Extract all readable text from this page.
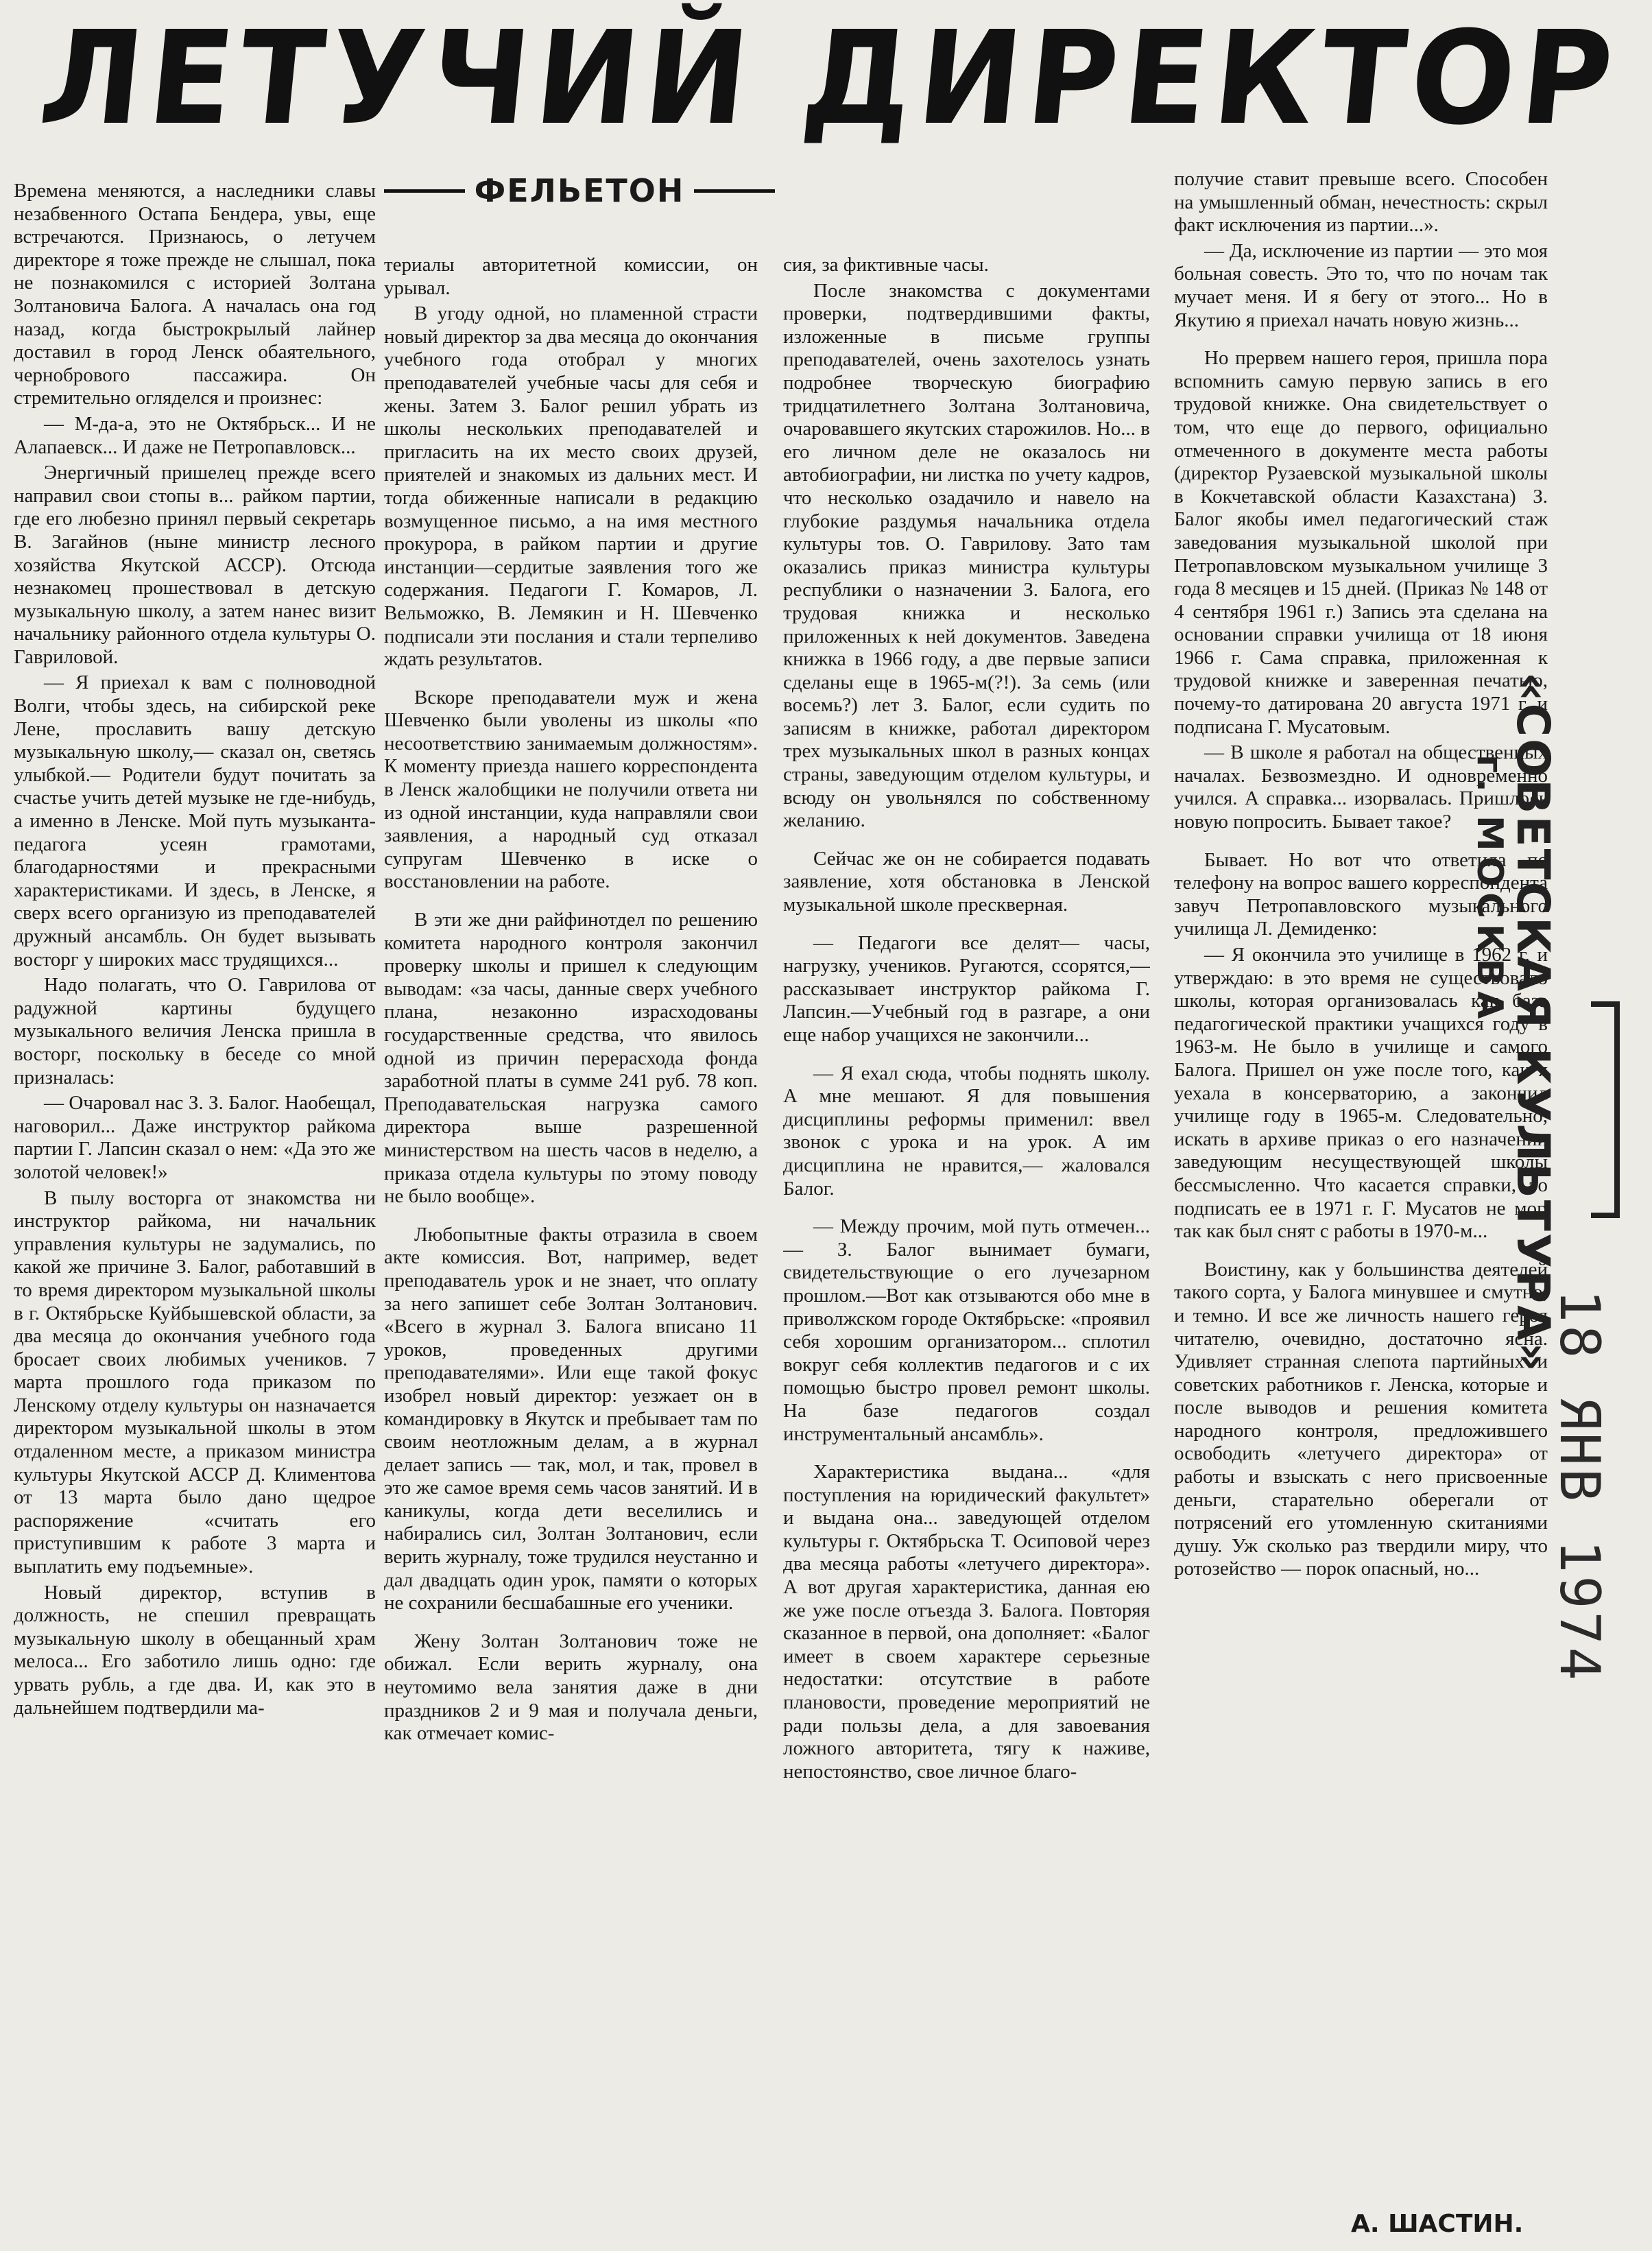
ЛЕТУЧИЙ ДИРЕКТОР
ФЕЛЬЕТОН

Времена меняются, а наследники славы незабвенного Остапа Бендера, увы, еще встречаются. Признаюсь, о летучем директоре я тоже прежде не слышал, пока не познакомился с историей Золтана Золтановича Балога. А началась она год назад, когда быстрокрылый лайнер доставил в город Ленск обаятельного, чернобрового пассажира. Он стремительно огляделся и произнес:

— М-да-а, это не Октябрьск... И не Алапаевск... И даже не Петропавловск...

Энергичный пришелец прежде всего направил свои стопы в... райком партии, где его любезно принял первый секретарь В. Загайнов (ныне министр лесного хозяйства Якутской АССР). Отсюда незнакомец прошествовал в детскую музыкальную школу, а затем нанес визит начальнику районного отдела культуры О. Гавриловой.

— Я приехал к вам с полноводной Волги, чтобы здесь, на сибирской реке Лене, прославить вашу детскую музыкальную школу,— сказал он, светясь улыбкой.— Родители будут почитать за счастье учить детей музыке не где-нибудь, а именно в Ленске. Мой путь музыканта-педагога усеян грамотами, благодарностями и прекрасными характеристиками. И здесь, в Ленске, я сверх всего организую из преподавателей дружный ансамбль. Он будет вызывать восторг у широких масс трудящихся...

Надо полагать, что О. Гаврилова от радужной картины будущего музыкального величия Ленска пришла в восторг, поскольку в беседе со мной призналась:

— Очаровал нас З. З. Балог. Наобещал, наговорил... Даже инструктор райкома партии Г. Лапсин сказал о нем: «Да это же золотой человек!»

В пылу восторга от знакомства ни инструктор райкома, ни начальник управления культуры не задумались, по какой же причине З. Балог, работавший в то время директором музыкальной школы в г. Октябрьске Куйбышевской области, за два месяца до окончания учебного года бросает своих любимых учеников. 7 марта прошлого года приказом по Ленскому отделу культуры он назначается директором музыкальной школы в этом отдаленном месте, а приказом министра культуры Якутской АССР Д. Климентова от 13 марта было дано щедрое распоряжение «считать его приступившим к работе 3 марта и выплатить ему подъемные».

Новый директор, вступив в должность, не спешил превращать музыкальную школу в обещанный храм мелоса... Его заботило лишь одно: где урвать рубль, а где два. И, как это в дальнейшем подтвердили ма-

териалы авторитетной комиссии, он урывал.

В угоду одной, но пламенной страсти новый директор за два месяца до окончания учебного года отобрал у многих преподавателей учебные часы для себя и жены. Затем З. Балог решил убрать из школы нескольких преподавателей и пригласить на их место своих друзей, приятелей и знакомых из дальних мест. И тогда обиженные написали в редакцию возмущенное письмо, а на имя местного прокурора, в райком партии и другие инстанции—сердитые заявления того же содержания. Педагоги Г. Комаров, Л. Вельможко, В. Лемякин и Н. Шевченко подписали эти послания и стали терпеливо ждать результатов.

Вскоре преподаватели муж и жена Шевченко были уволены из школы «по несоответствию занимаемым должностям». К моменту приезда нашего корреспондента в Ленск жалобщики не получили ответа ни из одной инстанции, куда направляли свои заявления, а народный суд отказал супругам Шевченко в иске о восстановлении на работе.

В эти же дни райфинотдел по решению комитета народного контроля закончил проверку школы и пришел к следующим выводам: «за часы, данные сверх учебного плана, незаконно израсходованы государственные средства, что явилось одной из причин перерасхода фонда заработной платы в сумме 241 руб. 78 коп. Преподавательская нагрузка самого директора выше разрешенной министерством на шесть часов в неделю, а приказа отдела культуры по этому поводу не было вообще».

Любопытные факты отразила в своем акте комиссия. Вот, например, ведет преподаватель урок и не знает, что оплату за него запишет себе Золтан Золтанович. «Всего в журнал З. Балога вписано 11 уроков, проведенных другими преподавателями». Или еще такой фокус изобрел новый директор: уезжает он в командировку в Якутск и пребывает там по своим неотложным делам, а в журнал делает запись — так, мол, и так, провел в это же самое время семь часов занятий. И в каникулы, когда дети веселились и набирались сил, Золтан Золтанович, если верить журналу, тоже трудился неустанно и дал двадцать один урок, памяти о которых не сохранили бесшабашные его ученики.

Жену Золтан Золтанович тоже не обижал. Если верить журналу, она неутомимо вела занятия даже в дни праздников 2 и 9 мая и получала деньги, как отмечает комис-

сия, за фиктивные часы.

После знакомства с документами проверки, подтвердившими факты, изложенные в письме группы преподавателей, очень захотелось узнать подробнее творческую биографию тридцатилетнего Золтана Золтановича, очаровавшего якутских старожилов. Но... в его личном деле не оказалось ни автобиографии, ни листка по учету кадров, что несколько озадачило и навело на глубокие раздумья начальника отдела культуры тов. О. Гаврилову. Зато там оказались приказ министра культуры республики о назначении З. Балога, его трудовая книжка и несколько приложенных к ней документов. Заведена книжка в 1966 году, а две первые записи сделаны еще в 1965-м(?!). За семь (или восемь?) лет З. Балог, если судить по записям в книжке, работал директором трех музыкальных школ в разных концах страны, заведующим отделом культуры, и всюду он увольнялся по собственному желанию.

Сейчас же он не собирается подавать заявление, хотя обстановка в Ленской музыкальной школе прескверная.

— Педагоги все делят— часы, нагрузку, учеников. Ругаются, ссорятся,— рассказывает инструктор райкома Г. Лапсин.—Учебный год в разгаре, а они еще набор учащихся не закончили...

— Я ехал сюда, чтобы поднять школу. А мне мешают. Я для повышения дисциплины реформы применил: ввел звонок с урока и на урок. А им дисциплина не нравится,— жаловался Балог.

— Между прочим, мой путь отмечен...— З. Балог вынимает бумаги, свидетельствующие о его лучезарном прошлом.—Вот как отзываются обо мне в приволжском городе Октябрьске: «проявил себя хорошим организатором... сплотил вокруг себя коллектив педагогов и с их помощью быстро провел ремонт школы. На базе педагогов создал инструментальный ансамбль».

Характеристика выдана... «для поступления на юридический факультет» и выдана она... заведующей отделом культуры г. Октябрьска Т. Осиповой через два месяца работы «летучего директора». А вот другая характеристика, данная ею же уже после отъезда З. Балога. Повторяя сказанное в первой, она дополняет: «Балог имеет в своем характере серьезные недостатки: отсутствие в работе плановости, проведение мероприятий не ради пользы дела, а для завоевания ложного авторитета, тягу к наживе, непостоянство, свое личное благо-

получие ставит превыше всего. Способен на умышленный обман, нечестность: скрыл факт исключения из партии...».

— Да, исключение из партии — это моя больная совесть. Это то, что по ночам так мучает меня. И я бегу от этого... Но в Якутию я приехал начать новую жизнь...

Но прервем нашего героя, пришла пора вспомнить самую первую запись в его трудовой книжке. Она свидетельствует о том, что еще до первого, официально отмеченного в документе места работы (директор Рузаевской музыкальной школы в Кокчетавской области Казахстана) З. Балог якобы имел педагогический стаж заведования музыкальной школой при Петропавловском музыкальном училище 3 года 8 месяцев и 15 дней. (Приказ № 148 от 4 сентября 1961 г.) Запись эта сделана на основании справки училища от 18 июня 1966 г. Сама справка, приложенная к трудовой книжке и заверенная печатью, почему-то датирована 20 августа 1971 г. и подписана Г. Мусатовым.

— В школе я работал на общественных началах. Безвозмездно. И одновременно учился. А справка... изорвалась. Пришлось новую попросить. Бывает такое?

Бывает. Но вот что ответила по телефону на вопрос вашего корреспондента завуч Петропавловского музыкального училища Л. Демиденко:

— Я окончила это училище в 1962 г. и утверждаю: в это время не существовало школы, которая организовалась как база педагогической практики учащихся году в 1963-м. Не было в училище и самого Балога. Пришел он уже после того, как я уехала в консерваторию, а закончил училище году в 1965-м. Следовательно, искать в архиве приказ о его назначении заведующим несуществующей школы бессмысленно. Что касается справки, то подписать ее в 1971 г. Г. Мусатов не мог, так как был снят с работы в 1970-м...

Воистину, как у большинства деятелей такого сорта, у Балога минувшее и смутно, и темно. И все же личность нашего героя читателю, очевидно, достаточно ясна. Удивляет странная слепота партийных и советских работников г. Ленска, которые и после выводов и решения комитета народного контроля, предложившего освободить «летучего директора» от работы и взыскать с него присвоенные деньги, старательно оберегали от потрясений его утомленную скитаниями душу. Уж сколько раз твердили миру, что ротозейство — порок опасный, но...

А. ШАСТИН.
«СОВЕТСКАЯ КУЛЬТУРА»
г. МОСКВА
18 ЯНВ 1974
